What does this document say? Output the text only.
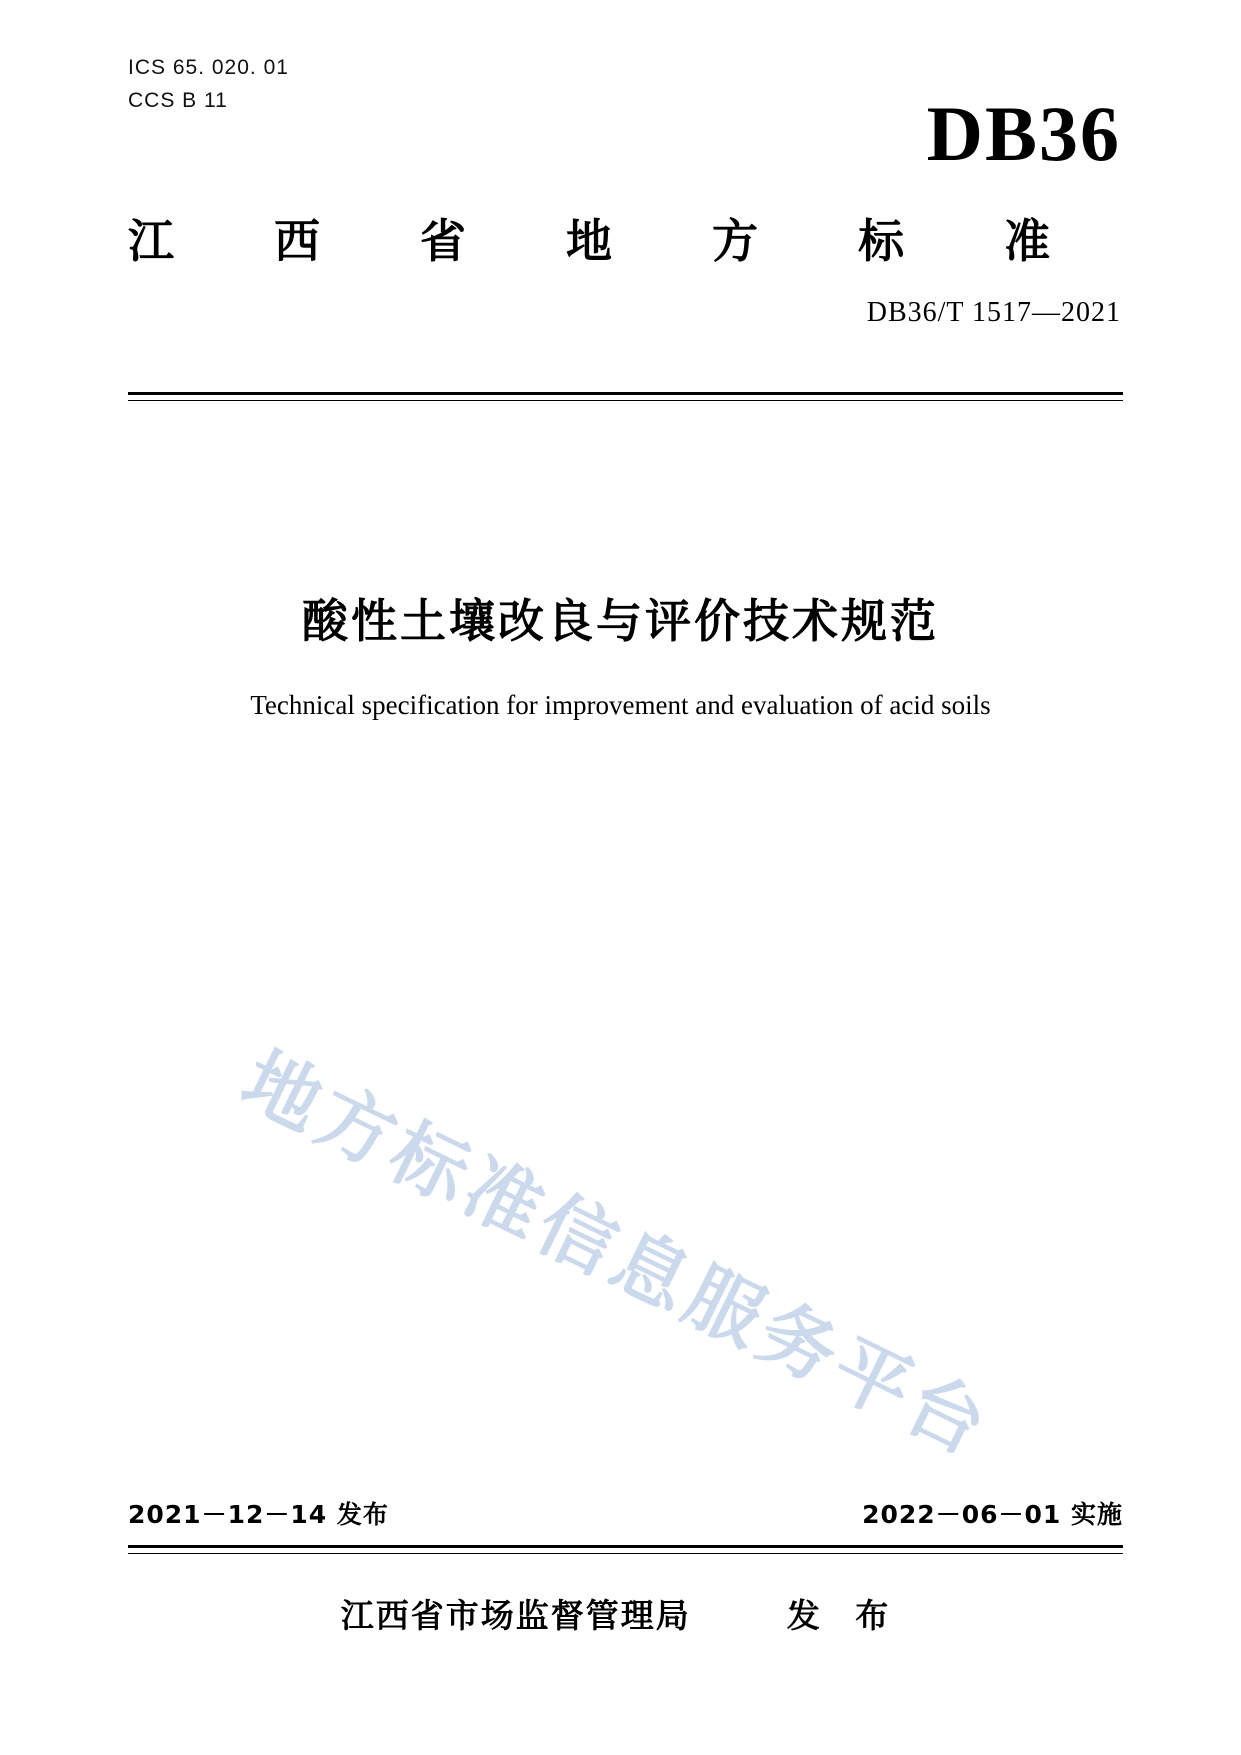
ICS 65. 020. 01
CCS B 11	DB36
江 西 省 地 方 标 准
DB36/T 1517—2021
酸性土壤改良与评价技术规范
Technical specification for improvement and evaluation of acid soils
地方标准信息服务平台
2021－12－14 发布	2022－06－01 实施
江西省市场监督管理局	发 布
